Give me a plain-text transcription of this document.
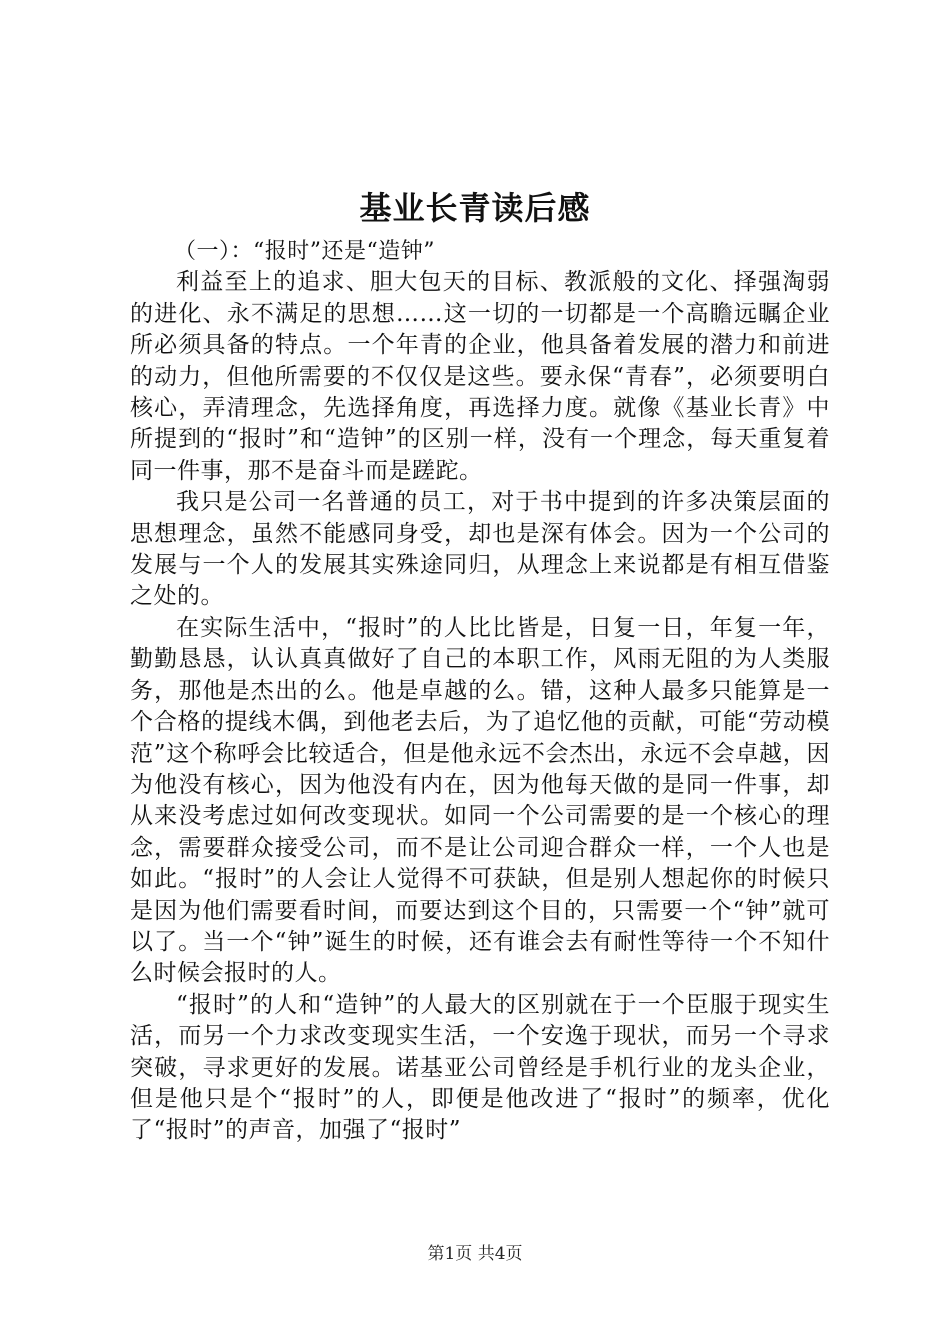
基业长青读后感

（一）：“报时”还是“造钟”

利益至上的追求、胆大包天的目标、教派般的文化、择强淘弱的进化、永不满足的思想……这一切的一切都是一个高瞻远瞩企业所必须具备的特点。一个年青的企业，他具备着发展的潜力和前进的动力，但他所需要的不仅仅是这些。要永保“青春”，必须要明白核心，弄清理念，先选择角度，再选择力度。就像《基业长青》中所提到的“报时”和“造钟”的区别一样，没有一个理念，每天重复着同一件事，那不是奋斗而是蹉跎。

我只是公司一名普通的员工，对于书中提到的许多决策层面的思想理念，虽然不能感同身受，却也是深有体会。因为一个公司的发展与一个人的发展其实殊途同归，从理念上来说都是有相互借鉴之处的。

在实际生活中，“报时”的人比比皆是，日复一日，年复一年，勤勤恳恳，认认真真做好了自己的本职工作，风雨无阻的为人类服务，那他是杰出的么。他是卓越的么。错，这种人最多只能算是一个合格的提线木偶，到他老去后，为了追忆他的贡献，可能“劳动模范”这个称呼会比较适合，但是他永远不会杰出，永远不会卓越，因为他没有核心，因为他没有内在，因为他每天做的是同一件事，却从来没考虑过如何改变现状。如同一个公司需要的是一个核心的理念，需要群众接受公司，而不是让公司迎合群众一样，一个人也是如此。“报时”的人会让人觉得不可获缺，但是别人想起你的时候只是因为他们需要看时间，而要达到这个目的，只需要一个“钟”就可以了。当一个“钟”诞生的时候，还有谁会去有耐性等待一个不知什么时候会报时的人。

“报时”的人和“造钟”的人最大的区别就在于一个臣服于现实生活，而另一个力求改变现实生活，一个安逸于现状，而另一个寻求突破，寻求更好的发展。诺基亚公司曾经是手机行业的龙头企业，但是他只是个“报时”的人，即便是他改进了“报时”的频率，优化了“报时”的声音，加强了“报时”

第1页 共4页
